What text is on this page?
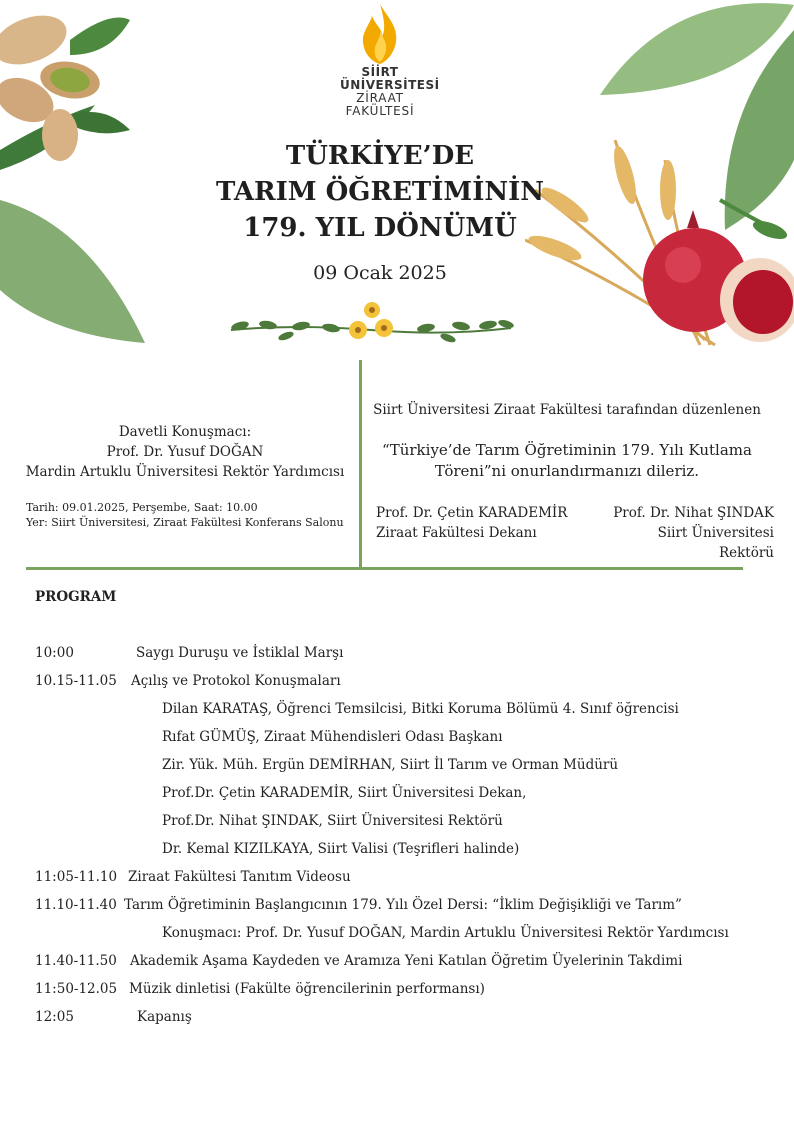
SİİRT
ÜNİVERSİTESİ
ZİRAAT FAKÜLTESİ
TÜRKİYE’DE
TARIM ÖĞRETİMİNİN
179. YIL DÖNÜMÜ
09 Ocak 2025
Davetli Konuşmacı:
Prof. Dr. Yusuf DOĞAN
Mardin Artuklu Üniversitesi Rektör Yardımcısı
Tarih: 09.01.2025, Perşembe, Saat: 10.00
Yer: Siirt Üniversitesi, Ziraat Fakültesi Konferans Salonu
Siirt Üniversitesi Ziraat Fakültesi tarafından düzenlenen
“Türkiye’de Tarım Öğretiminin 179. Yılı Kutlama
Töreni”ni onurlandırmanızı dileriz.
Prof. Dr. Çetin KARADEMİR
Ziraat Fakültesi Dekanı
Prof. Dr. Nihat ŞINDAK
Siirt Üniversitesi Rektörü
PROGRAM
10:00	Saygı Duruşu ve İstiklal Marşı
10.15-11.05 Açılış ve Protokol Konuşmaları
Dilan KARATAŞ, Öğrenci Temsilcisi, Bitki Koruma Bölümü 4. Sınıf öğrencisi
Rıfat GÜMÜŞ, Ziraat Mühendisleri Odası Başkanı
Zir. Yük. Müh. Ergün DEMİRHAN, Siirt İl Tarım ve Orman Müdürü
Prof.Dr. Çetin KARADEMİR, Siirt Üniversitesi Dekan,
Prof.Dr. Nihat ŞINDAK, Siirt Üniversitesi Rektörü
Dr. Kemal KIZILKAYA, Siirt Valisi (Teşrifleri halinde)
11:05-11.10 Ziraat Fakültesi Tanıtım Videosu
11.10-11.40 Tarım Öğretiminin Başlangıcının 179. Yılı Özel Dersi: “İklim Değişikliği ve Tarım”
Konuşmacı: Prof. Dr. Yusuf DOĞAN, Mardin Artuklu Üniversitesi Rektör Yardımcısı
11.40-11.50 Akademik Aşama Kaydeden ve Aramıza Yeni Katılan Öğretim Üyelerinin Takdimi
11:50-12.05 Müzik dinletisi (Fakülte öğrencilerinin performansı)
12:05	Kapanış
